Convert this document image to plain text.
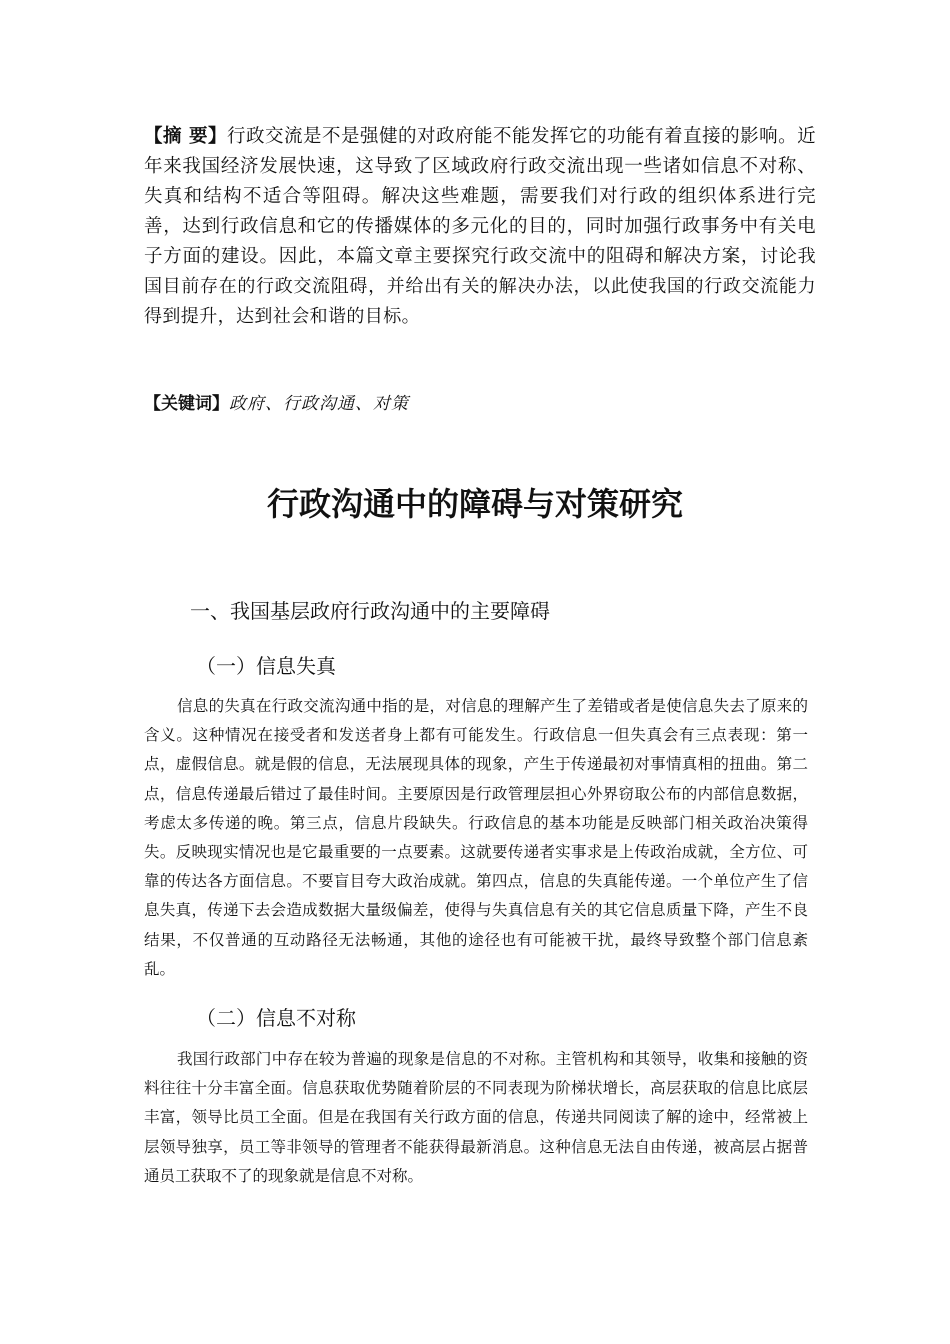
【摘 要】行政交流是不是强健的对政府能不能发挥它的功能有着直接的影响。近年来我国经济发展快速，这导致了区域政府行政交流出现一些诸如信息不对称、失真和结构不适合等阻碍。解决这些难题，需要我们对行政的组织体系进行完善，达到行政信息和它的传播媒体的多元化的目的，同时加强行政事务中有关电子方面的建设。因此，本篇文章主要探究行政交流中的阻碍和解决方案，讨论我国目前存在的行政交流阻碍，并给出有关的解决办法，以此使我国的行政交流能力得到提升，达到社会和谐的目标。
【关键词】政府、行政沟通、对策
行政沟通中的障碍与对策研究
一、我国基层政府行政沟通中的主要障碍
（一）信息失真
信息的失真在行政交流沟通中指的是，对信息的理解产生了差错或者是使信息失去了原来的含义。这种情况在接受者和发送者身上都有可能发生。行政信息一但失真会有三点表现：第一点，虚假信息。就是假的信息，无法展现具体的现象，产生于传递最初对事情真相的扭曲。第二点，信息传递最后错过了最佳时间。主要原因是行政管理层担心外界窃取公布的内部信息数据，考虑太多传递的晚。第三点，信息片段缺失。行政信息的基本功能是反映部门相关政治决策得失。反映现实情况也是它最重要的一点要素。这就要传递者实事求是上传政治成就，全方位、可靠的传达各方面信息。不要盲目夸大政治成就。第四点，信息的失真能传递。一个单位产生了信息失真，传递下去会造成数据大量级偏差，使得与失真信息有关的其它信息质量下降，产生不良结果，不仅普通的互动路径无法畅通，其他的途径也有可能被干扰，最终导致整个部门信息紊乱。
（二）信息不对称
我国行政部门中存在较为普遍的现象是信息的不对称。主管机构和其领导，收集和接触的资料往往十分丰富全面。信息获取优势随着阶层的不同表现为阶梯状增长，高层获取的信息比底层丰富，领导比员工全面。但是在我国有关行政方面的信息，传递共同阅读了解的途中，经常被上层领导独享，员工等非领导的管理者不能获得最新消息。这种信息无法自由传递，被高层占据普通员工获取不了的现象就是信息不对称。
